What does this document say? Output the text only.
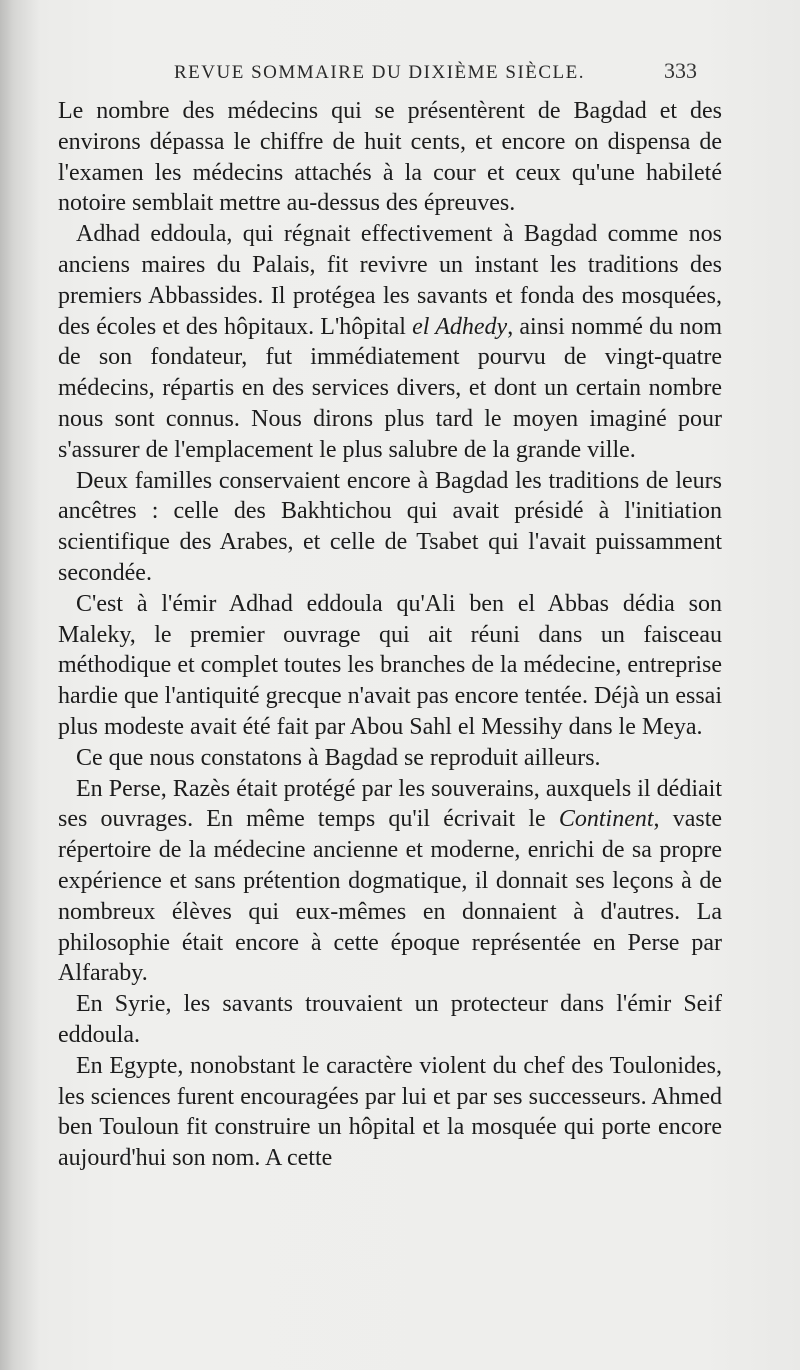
REVUE SOMMAIRE DU DIXIÈME SIÈCLE.	333

Le nombre des médecins qui se présentèrent de Bagdad et des environs dépassa le chiffre de huit cents, et encore on dispensa de l'examen les médecins attachés à la cour et ceux qu'une habileté notoire semblait mettre au-dessus des épreuves.

Adhad eddoula, qui régnait effectivement à Bagdad comme nos anciens maires du Palais, fit revivre un instant les traditions des premiers Abbassides. Il protégea les savants et fonda des mosquées, des écoles et des hôpitaux. L'hôpital el Adhedy, ainsi nommé du nom de son fondateur, fut immédiatement pourvu de vingt-quatre médecins, répartis en des services divers, et dont un certain nombre nous sont connus. Nous dirons plus tard le moyen imaginé pour s'assurer de l'emplacement le plus salubre de la grande ville.

Deux familles conservaient encore à Bagdad les traditions de leurs ancêtres : celle des Bakhtichou qui avait présidé à l'initiation scientifique des Arabes, et celle de Tsabet qui l'avait puissamment secondée.

C'est à l'émir Adhad eddoula qu'Ali ben el Abbas dédia son Maleky, le premier ouvrage qui ait réuni dans un faisceau méthodique et complet toutes les branches de la médecine, entreprise hardie que l'antiquité grecque n'avait pas encore tentée. Déjà un essai plus modeste avait été fait par Abou Sahl el Messihy dans le Meya.

Ce que nous constatons à Bagdad se reproduit ailleurs.

En Perse, Razès était protégé par les souverains, auxquels il dédiait ses ouvrages. En même temps qu'il écrivait le Continent, vaste répertoire de la médecine ancienne et moderne, enrichi de sa propre expérience et sans prétention dogmatique, il donnait ses leçons à de nombreux élèves qui eux-mêmes en donnaient à d'autres. La philosophie était encore à cette époque représentée en Perse par Alfaraby.

En Syrie, les savants trouvaient un protecteur dans l'émir Seif eddoula.

En Egypte, nonobstant le caractère violent du chef des Toulonides, les sciences furent encouragées par lui et par ses successeurs. Ahmed ben Touloun fit construire un hôpital et la mosquée qui porte encore aujourd'hui son nom. A cette
